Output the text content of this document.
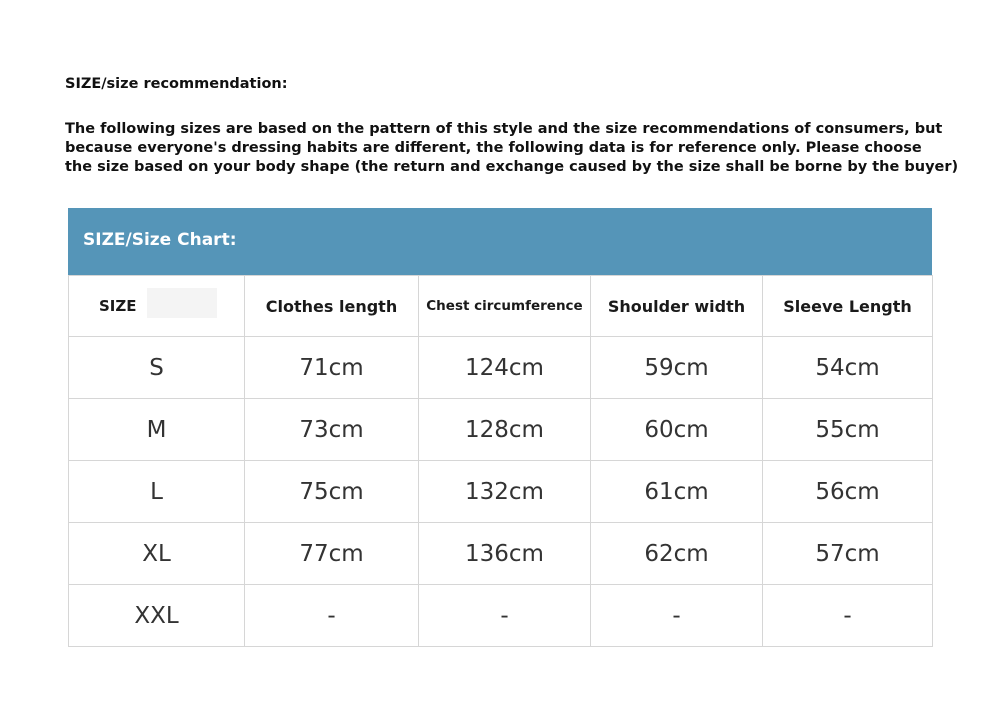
SIZE/size recommendation:
The following sizes are based on the pattern of this style and the size recommendations of consumers, but
because everyone's dressing habits are different, the following data is for reference only. Please choose
the size based on your body shape (the return and exchange caused by the size shall be borne by the buyer)
SIZE/Size Chart:
SIZE	Clothes length	Chest circumference	Shoulder width	Sleeve Length
S	71cm	124cm	59cm	54cm
M	73cm	128cm	60cm	55cm
L	75cm	132cm	61cm	56cm
XL	77cm	136cm	62cm	57cm
XXL	-	-	-	-
